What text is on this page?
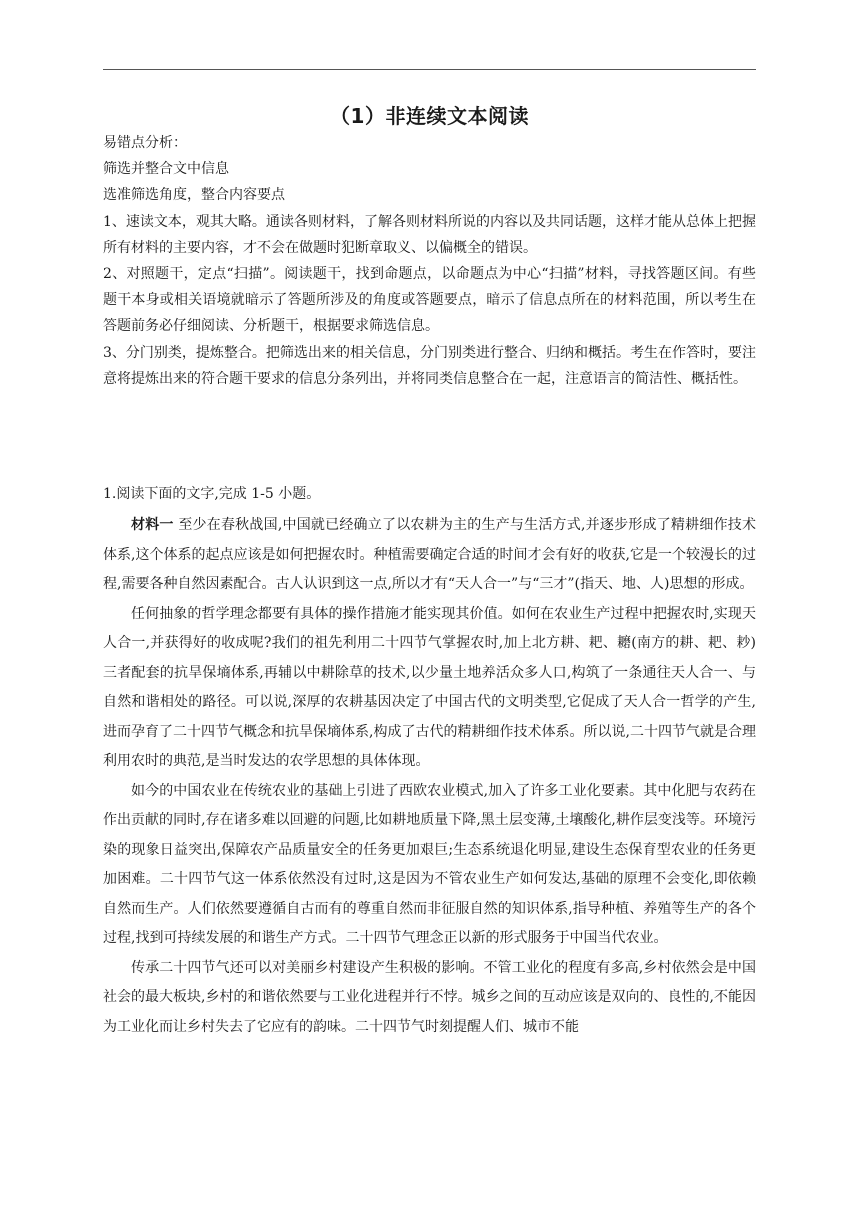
（1）非连续文本阅读

易错点分析：

筛选并整合文中信息

选准筛选角度，整合内容要点

1、速读文本，观其大略。通读各则材料，了解各则材料所说的内容以及共同话题，这样才能从总体上把握所有材料的主要内容，才不会在做题时犯断章取义、以偏概全的错误。

2、对照题干，定点“扫描”。阅读题干，找到命题点，以命题点为中心“扫描”材料，寻找答题区间。有些题干本身或相关语境就暗示了答题所涉及的角度或答题要点，暗示了信息点所在的材料范围，所以考生在答题前务必仔细阅读、分析题干，根据要求筛选信息。

3、分门别类，提炼整合。把筛选出来的相关信息，分门别类进行整合、归纳和概括。考生在作答时，要注意将提炼出来的符合题干要求的信息分条列出，并将同类信息整合在一起，注意语言的简洁性、概括性。

1.阅读下面的文字,完成 1-5 小题。

材料一 至少在春秋战国,中国就已经确立了以农耕为主的生产与生活方式,并逐步形成了精耕细作技术体系,这个体系的起点应该是如何把握农时。种植需要确定合适的时间才会有好的收获,它是一个较漫长的过程,需要各种自然因素配合。古人认识到这一点,所以才有“天人合一”与“三才”(指天、地、人)思想的形成。

任何抽象的哲学理念都要有具体的操作措施才能实现其价值。如何在农业生产过程中把握农时,实现天人合一,并获得好的收成呢?我们的祖先利用二十四节气掌握农时,加上北方耕、耙、耱(南方的耕、耙、耖)三者配套的抗旱保墒体系,再辅以中耕除草的技术,以少量土地养活众多人口,构筑了一条通往天人合一、与自然和谐相处的路径。可以说,深厚的农耕基因决定了中国古代的文明类型,它促成了天人合一哲学的产生,进而孕育了二十四节气概念和抗旱保墒体系,构成了古代的精耕细作技术体系。所以说,二十四节气就是合理利用农时的典范,是当时发达的农学思想的具体体现。

如今的中国农业在传统农业的基础上引进了西欧农业模式,加入了许多工业化要素。其中化肥与农药在作出贡献的同时,存在诸多难以回避的问题,比如耕地质量下降,黑土层变薄,土壤酸化,耕作层变浅等。环境污染的现象日益突出,保障农产品质量安全的任务更加艰巨;生态系统退化明显,建设生态保育型农业的任务更加困难。二十四节气这一体系依然没有过时,这是因为不管农业生产如何发达,基础的原理不会变化,即依赖自然而生产。人们依然要遵循自古而有的尊重自然而非征服自然的知识体系,指导种植、养殖等生产的各个过程,找到可持续发展的和谐生产方式。二十四节气理念正以新的形式服务于中国当代农业。

传承二十四节气还可以对美丽乡村建设产生积极的影响。不管工业化的程度有多高,乡村依然会是中国社会的最大板块,乡村的和谐依然要与工业化进程并行不悖。城乡之间的互动应该是双向的、良性的,不能因为工业化而让乡村失去了它应有的韵味。二十四节气时刻提醒人们、城市不能
